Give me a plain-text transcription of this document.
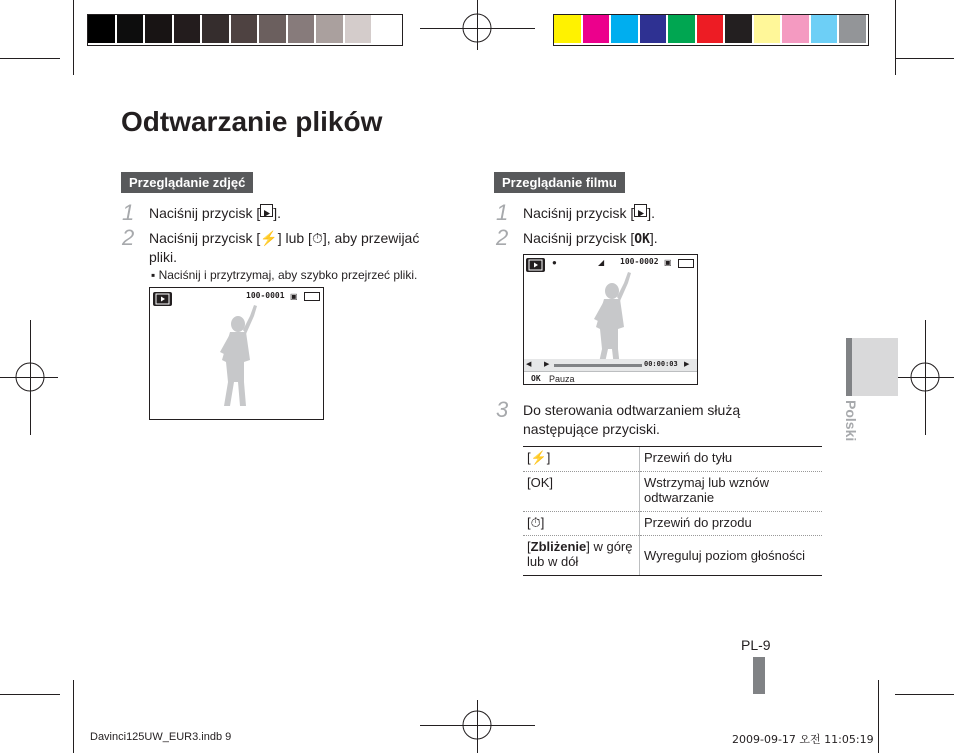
Odtwarzanie plików
Przeglądanie zdjęć
1 Naciśnij przycisk [ ].
2 Naciśnij przycisk [⚡] lub [⏱], aby przewijać
pliki.
▪ Naciśnij i przytrzymaj, aby szybko przejrzeć pliki.
100-0001 ▣
Przeglądanie filmu
1 Naciśnij przycisk [ ].
2 Naciśnij przycisk [OK].
●	◢ 100-0002 ▣
◀ ▶	00:00:03 ▶
OK Pauza
3 Do sterowania odtwarzaniem służą
następujące przyciski.
[⚡]	Przewiń do tyłu
[OK]	Wstrzymaj lub wznów odtwarzanie
[⏱]	Przewiń do przodu
[Zbliżenie] w górę lub w dół	Wyreguluj poziom głośności
Polski
PL-9
Davinci125UW_EUR3.indb 9	2009-09-17 오전 11:05:19
